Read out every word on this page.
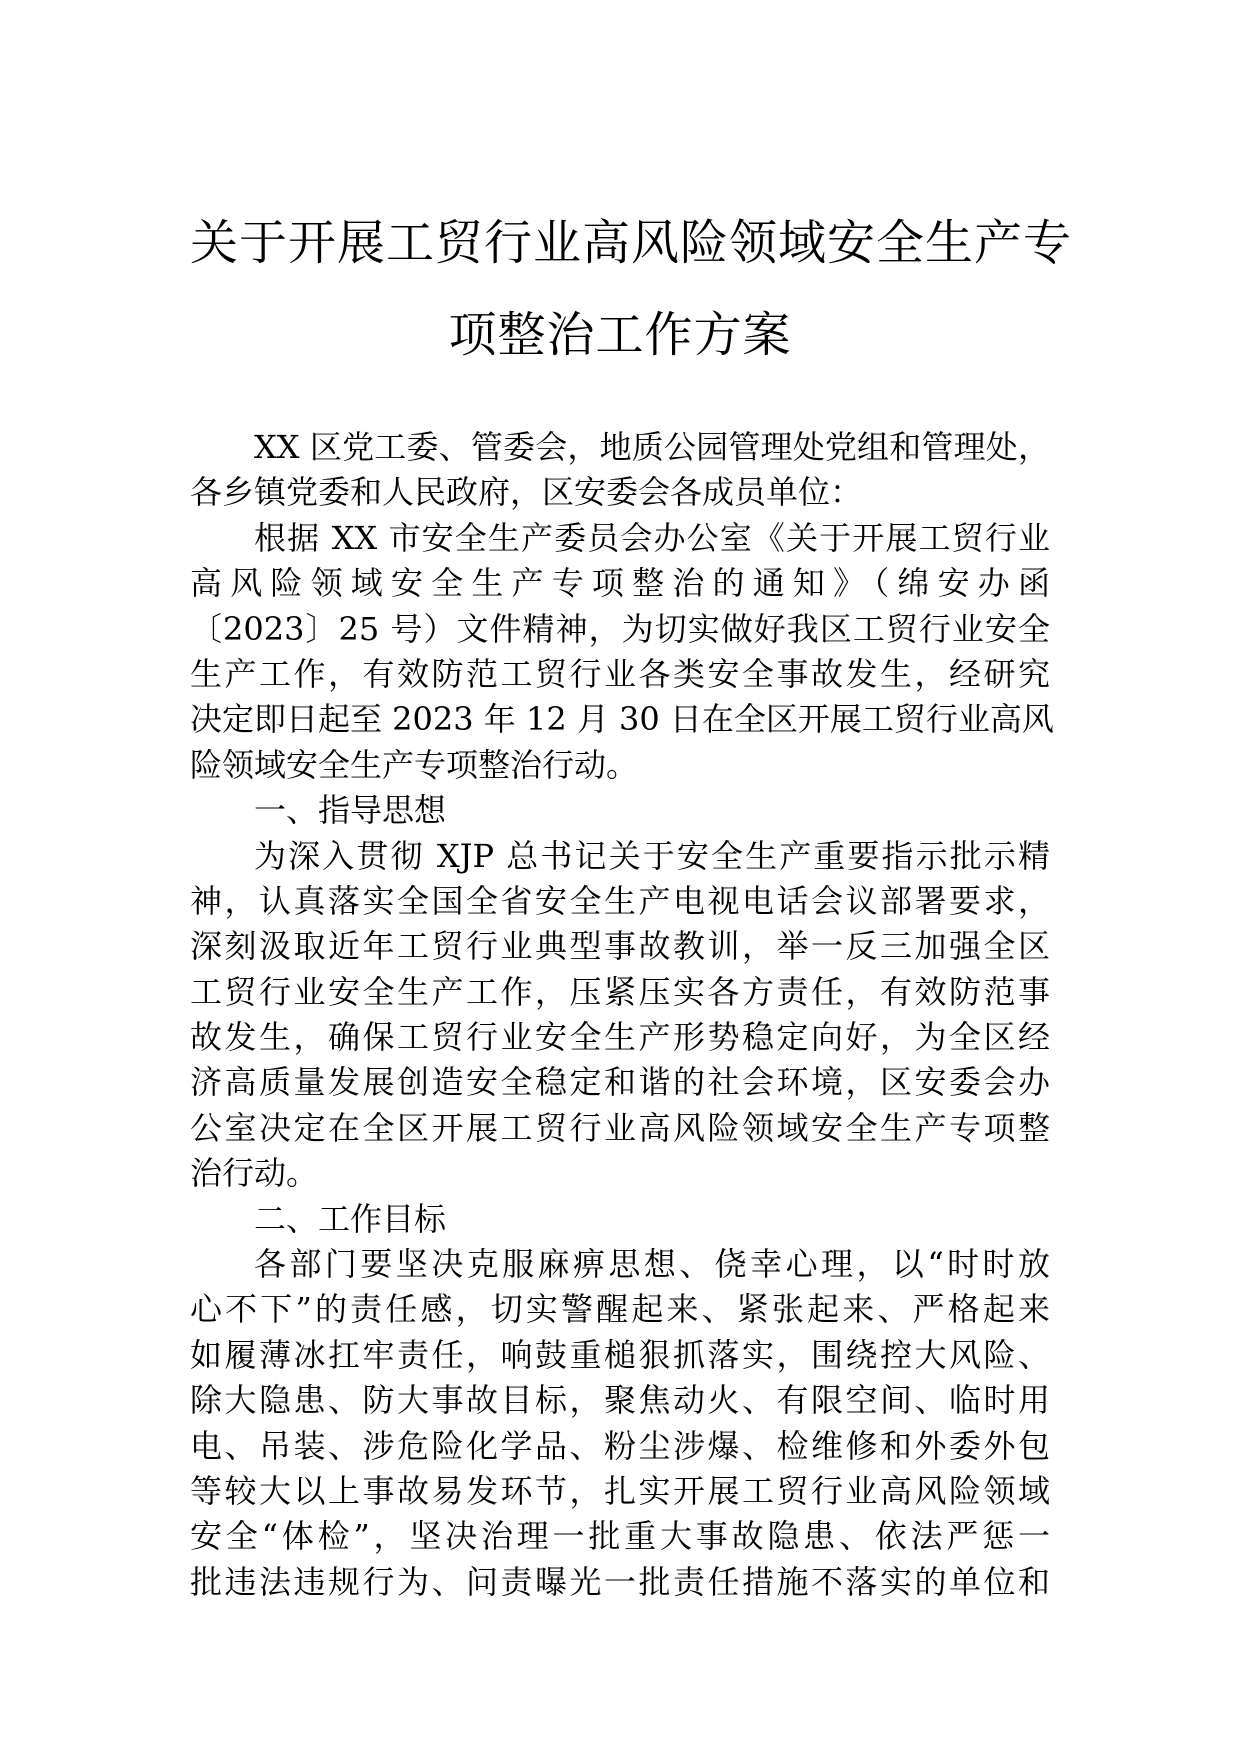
关于开展工贸行业高风险领域安全生产专
项整治工作方案
XX 区党工委、管委会，地质公园管理处党组和管理处，
各乡镇党委和人民政府，区安委会各成员单位：
根据 XX 市安全生产委员会办公室《关于开展工贸行业
高风险领域安全生产专项整治的通知》（绵安办函
〔2023〕25 号）文件精神，为切实做好我区工贸行业安全
生产工作，有效防范工贸行业各类安全事故发生，经研究
决定即日起至 2023 年 12 月 30 日在全区开展工贸行业高风
险领域安全生产专项整治行动。
一、指导思想
为深入贯彻 XJP 总书记关于安全生产重要指示批示精
神，认真落实全国全省安全生产电视电话会议部署要求，
深刻汲取近年工贸行业典型事故教训，举一反三加强全区
工贸行业安全生产工作，压紧压实各方责任，有效防范事
故发生，确保工贸行业安全生产形势稳定向好，为全区经
济高质量发展创造安全稳定和谐的社会环境，区安委会办
公室决定在全区开展工贸行业高风险领域安全生产专项整
治行动。
二、工作目标
各部门要坚决克服麻痹思想、侥幸心理，以“时时放
心不下”的责任感，切实警醒起来、紧张起来、严格起来
如履薄冰扛牢责任，响鼓重槌狠抓落实，围绕控大风险、
除大隐患、防大事故目标，聚焦动火、有限空间、临时用
电、吊装、涉危险化学品、粉尘涉爆、检维修和外委外包
等较大以上事故易发环节，扎实开展工贸行业高风险领域
安全“体检”，坚决治理一批重大事故隐患、依法严惩一
批违法违规行为、问责曝光一批责任措施不落实的单位和
